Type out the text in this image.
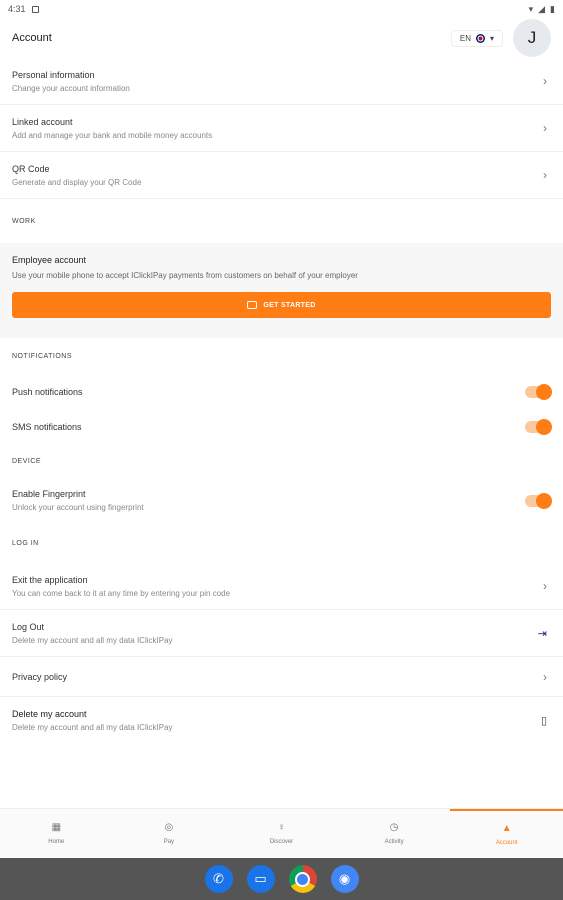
4:31	▾ ◢ ▮
Account	EN ▾	J
Personal information
Change your account information	›
Linked account
Add and manage your bank and mobile money accounts	›
QR Code
Generate and display your QR Code	›
WORK
Employee account
Use your mobile phone to accept IClickIPay payments from customers on behalf of your employer
GET STARTED
NOTIFICATIONS
Push notifications
SMS notifications
DEVICE
Enable Fingerprint
Unlock your account using fingerprint
LOG IN
Exit the application
You can come back to it at any time by entering your pin code	›
Log Out
Delete my account and all my data IClickIPay
⇥
Privacy policy	›
Delete my account
Delete my account and all my data IClickIPay
▯
▦
Home
◎
Pay
♀
Discover
◷
Activity
▲
Account
✆	▭	◉
